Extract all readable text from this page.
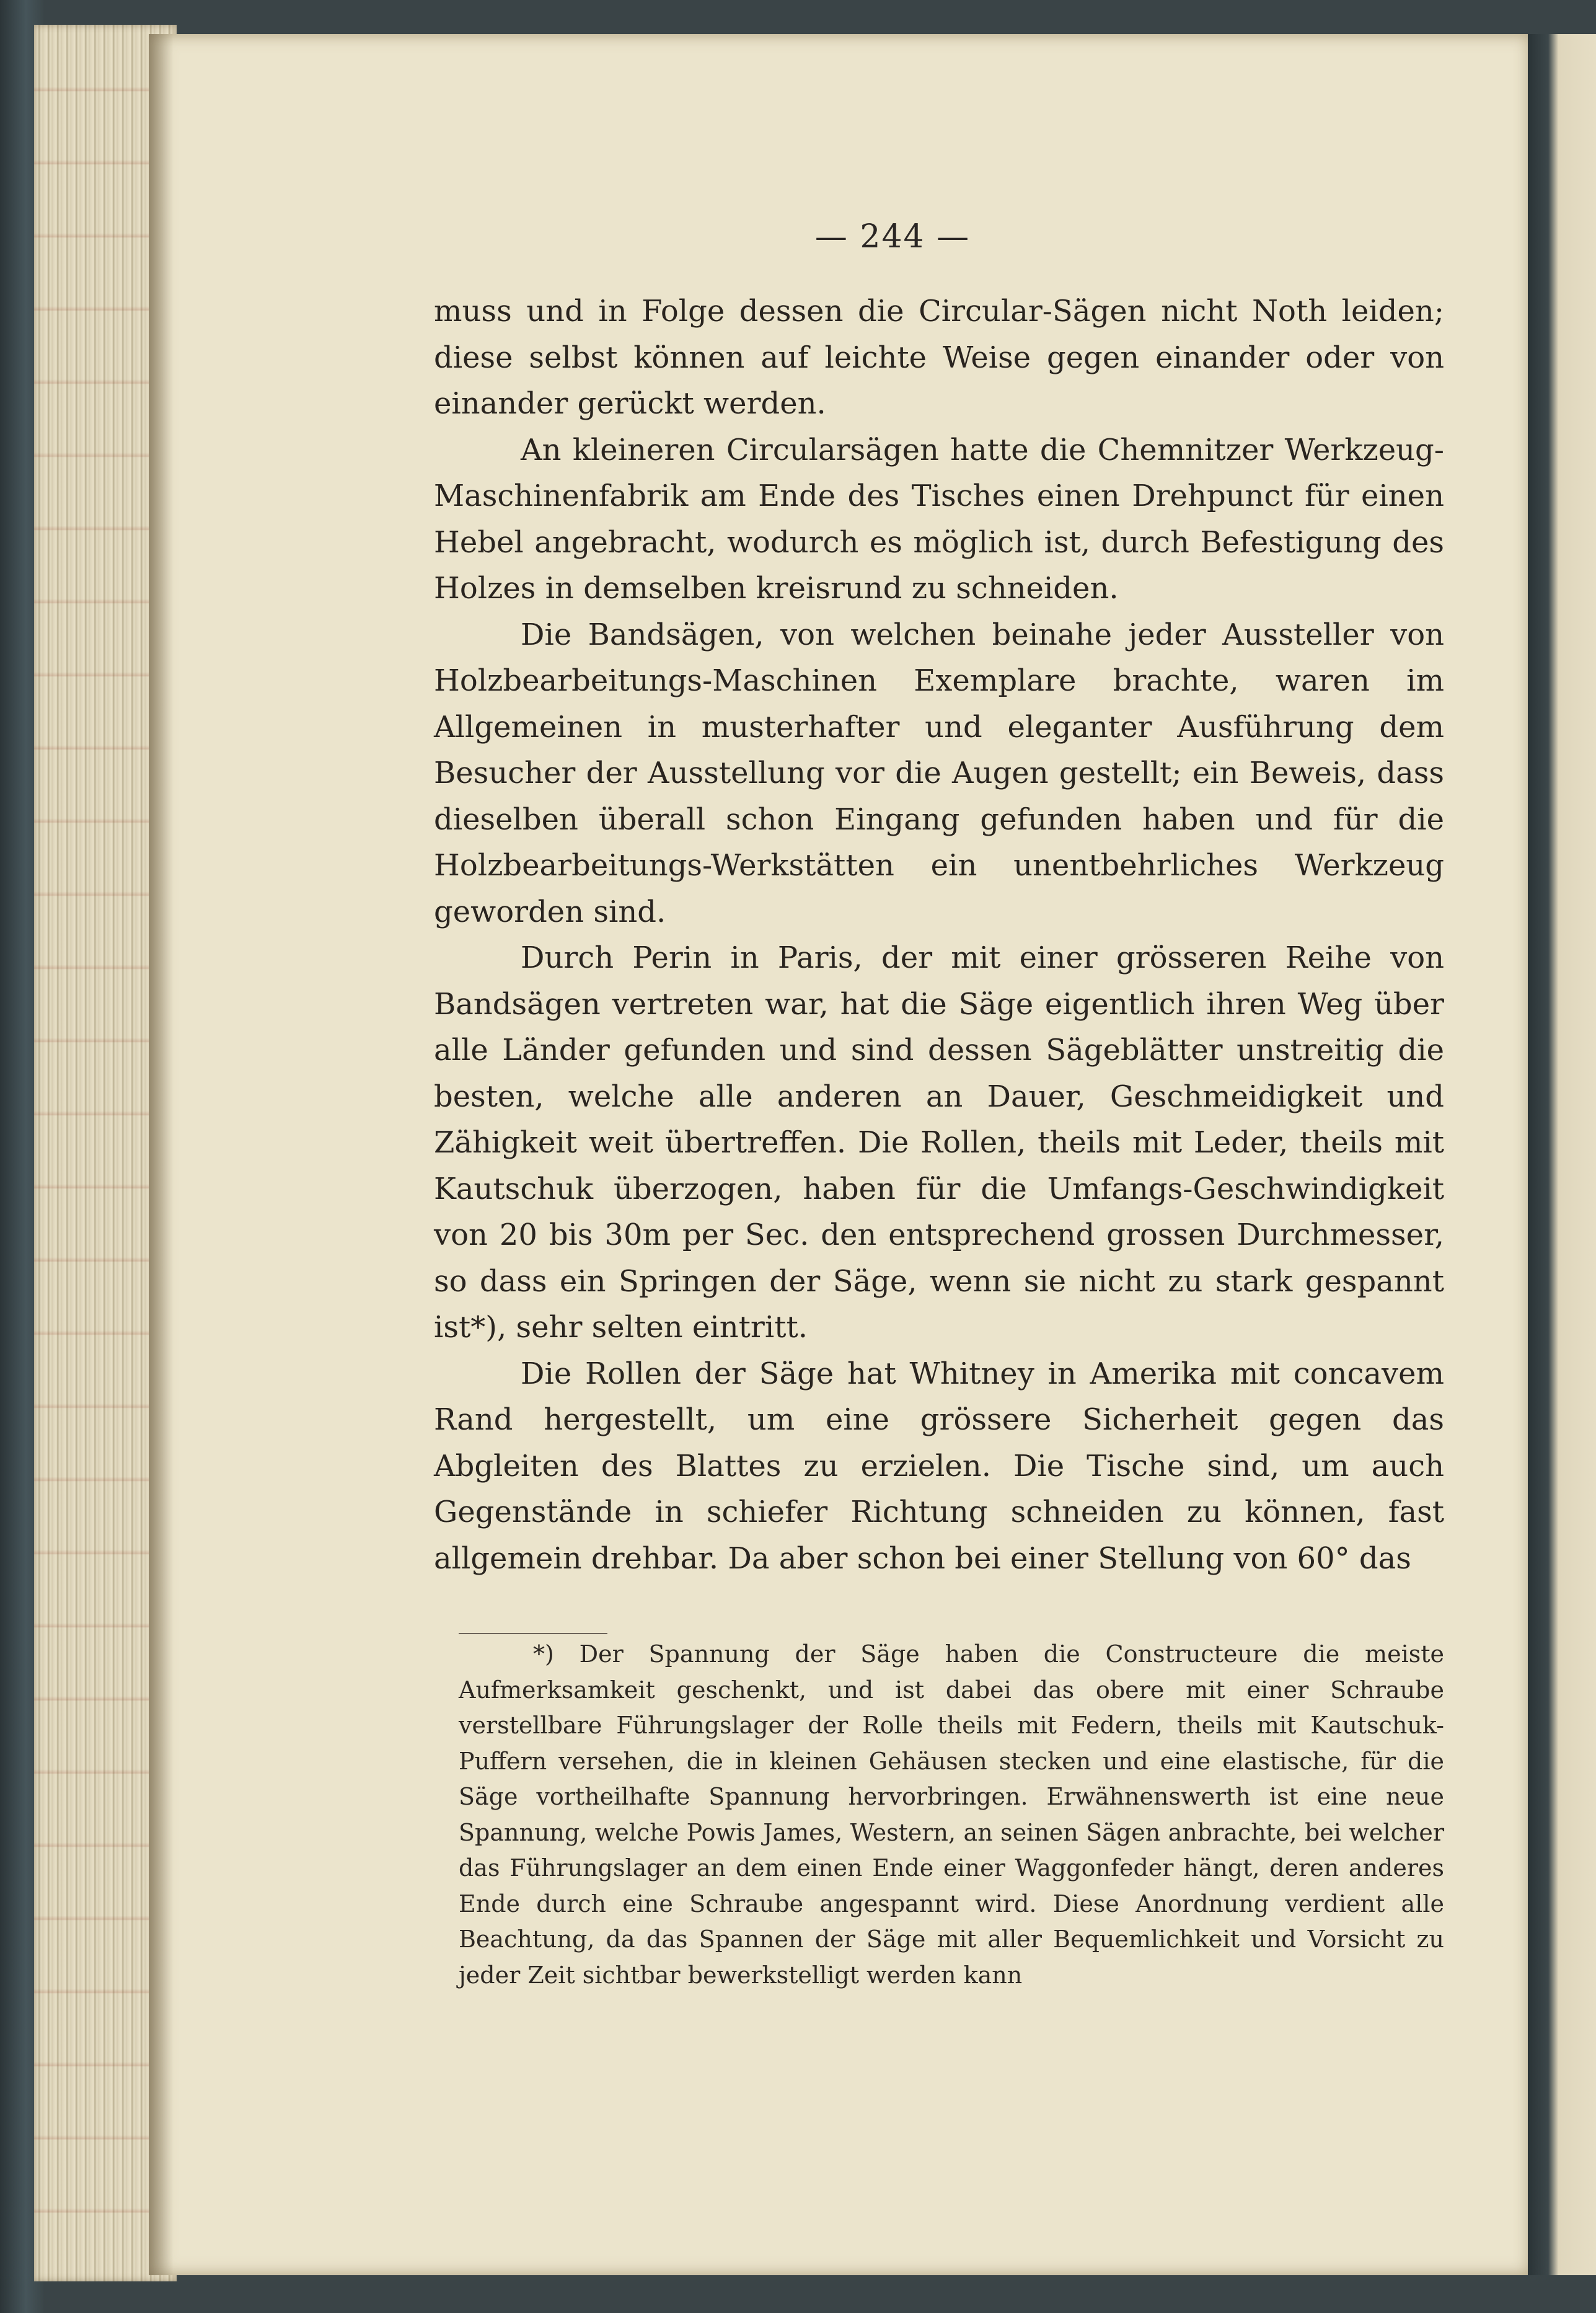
— 244 —

muss und in Folge dessen die Circular-Sägen nicht Noth leiden; diese selbst können auf leichte Weise gegen einander oder von einander gerückt werden.

An kleineren Circularsägen hatte die Chemnitzer Werkzeug-Maschinenfabrik am Ende des Tisches einen Drehpunct für einen Hebel angebracht, wodurch es möglich ist, durch Befestigung des Holzes in demselben kreisrund zu schneiden.

Die Bandsägen, von welchen beinahe jeder Aussteller von Holzbearbeitungs-Maschinen Exemplare brachte, waren im Allgemeinen in musterhafter und eleganter Ausführung dem Besucher der Ausstellung vor die Augen gestellt; ein Beweis, dass dieselben überall schon Eingang gefunden haben und für die Holzbearbeitungs-Werkstätten ein unentbehrliches Werkzeug geworden sind.

Durch Perin in Paris, der mit einer grösseren Reihe von Bandsägen vertreten war, hat die Säge eigentlich ihren Weg über alle Länder gefunden und sind dessen Sägeblätter unstreitig die besten, welche alle anderen an Dauer, Geschmeidigkeit und Zähigkeit weit übertreffen. Die Rollen, theils mit Leder, theils mit Kautschuk überzogen, haben für die Umfangs-Geschwindigkeit von 20 bis 30m per Sec. den entsprechend grossen Durchmesser, so dass ein Springen der Säge, wenn sie nicht zu stark gespannt ist*), sehr selten eintritt.

Die Rollen der Säge hat Whitney in Amerika mit concavem Rand hergestellt, um eine grössere Sicherheit gegen das Abgleiten des Blattes zu erzielen. Die Tische sind, um auch Gegenstände in schiefer Richtung schneiden zu können, fast allgemein drehbar. Da aber schon bei einer Stellung von 60° das

*) Der Spannung der Säge haben die Constructeure die meiste Aufmerksamkeit geschenkt, und ist dabei das obere mit einer Schraube verstellbare Führungslager der Rolle theils mit Federn, theils mit Kautschuk-Puffern versehen, die in kleinen Gehäusen stecken und eine elastische, für die Säge vortheilhafte Spannung hervorbringen. Erwähnenswerth ist eine neue Spannung, welche Powis James, Western, an seinen Sägen anbrachte, bei welcher das Führungslager an dem einen Ende einer Waggonfeder hängt, deren anderes Ende durch eine Schraube angespannt wird. Diese Anordnung verdient alle Beachtung, da das Spannen der Säge mit aller Bequemlichkeit und Vorsicht zu jeder Zeit sichtbar bewerkstelligt werden kann
